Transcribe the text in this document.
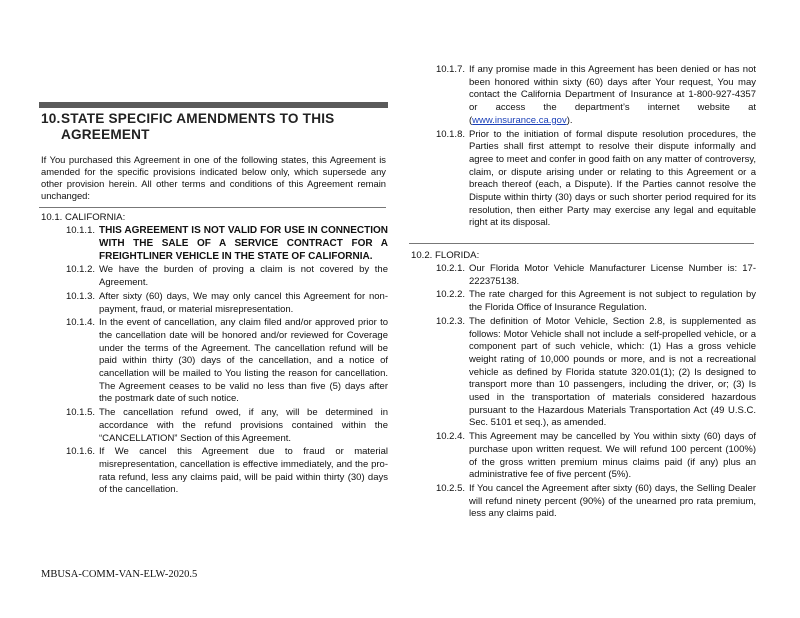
10.STATE SPECIFIC AMENDMENTS TO THIS
AGREEMENT
If You purchased this Agreement in one of the following states, this Agreement is amended for the specific provisions indicated below only, which supersede any other provision herein. All other terms and conditions of this Agreement remain unchanged:
10.1. CALIFORNIA:
10.1.1. THIS AGREEMENT IS NOT VALID FOR USE IN CONNECTION WITH THE SALE OF A SERVICE CONTRACT FOR A FREIGHTLINER VEHICLE IN THE STATE OF CALIFORNIA.
10.1.2. We have the burden of proving a claim is not covered by the Agreement.
10.1.3. After sixty (60) days, We may only cancel this Agreement for non-payment, fraud, or material misrepresentation.
10.1.4. In the event of cancellation, any claim filed and/or approved prior to the cancellation date will be honored and/or reviewed for Coverage under the terms of the Agreement. The cancellation refund will be paid within thirty (30) days of the cancellation, and a notice of cancellation will be mailed to You listing the reason for cancellation. The Agreement ceases to be valid no less than five (5) days after the postmark date of such notice.
10.1.5. The cancellation refund owed, if any, will be determined in accordance with the refund provisions contained within the “CANCELLATION” Section of this Agreement.
10.1.6. If We cancel this Agreement due to fraud or material misrepresentation, cancellation is effective immediately, and the pro-rata refund, less any claims paid, will be paid within thirty (30) days of the cancellation.
MBUSA-COMM-VAN-ELW-2020.5
10.1.7. If any promise made in this Agreement has been denied or has not been honored within sixty (60) days after Your request, You may contact the California Department of Insurance at 1-800-927-4357 or access the department’s internet website at (www.insurance.ca.gov).
10.1.8. Prior to the initiation of formal dispute resolution procedures, the Parties shall first attempt to resolve their dispute informally and agree to meet and confer in good faith on any matter of controversy, claim, or dispute arising under or relating to this Agreement or a breach thereof (each, a Dispute). If the Parties cannot resolve the Dispute within thirty (30) days or such shorter period required for its resolution, then either Party may exercise any legal and equitable right at its disposal.
10.2. FLORIDA:
10.2.1. Our Florida Motor Vehicle Manufacturer License Number is: 17-222375138.
10.2.2. The rate charged for this Agreement is not subject to regulation by the Florida Office of Insurance Regulation.
10.2.3. The definition of Motor Vehicle, Section 2.8, is supplemented as follows: Motor Vehicle shall not include a self-propelled vehicle, or a component part of such vehicle, which: (1) Has a gross vehicle weight rating of 10,000 pounds or more, and is not a recreational vehicle as defined by Florida statute 320.01(1); (2) Is designed to transport more than 10 passengers, including the driver, or; (3) Is used in the transportation of materials considered hazardous pursuant to the Hazardous Materials Transportation Act (49 U.S.C. Sec. 5101 et seq.), as amended.
10.2.4. This Agreement may be cancelled by You within sixty (60) days of purchase upon written request. We will refund 100 percent (100%) of the gross written premium minus claims paid (if any) plus an administrative fee of five percent (5%).
10.2.5. If You cancel the Agreement after sixty (60) days, the Selling Dealer will refund ninety percent (90%) of the unearned pro rata premium, less any claims paid.
